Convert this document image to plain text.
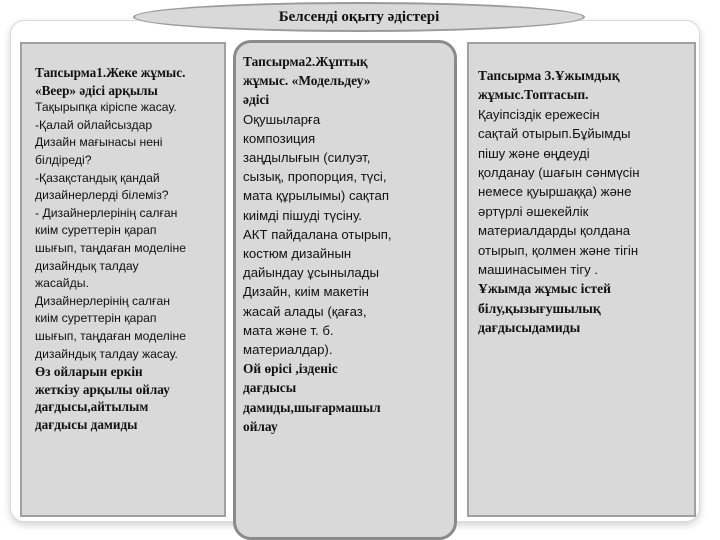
Белсенді оқыту әдістері
Тапсырма1.Жеке жұмыс.
«Веер» әдісі арқылы
Тақырыпқа кіріспе жасау.
-Қалай ойлайсыздар
Дизайн мағынасы нені
білдіреді?
-Қазақстандық қандай
дизайнерлерді білеміз?
- Дизайнерлерінің салған
киім суреттерін қарап
шығып, таңдаған моделіне
дизайндық талдау
жасайды.
Дизайнерлерінің салған
киім суреттерін қарап
шығып, таңдаған моделіне
дизайндық талдау жасау.
Өз ойларын еркін
жеткізу арқылы ойлау
дағдысы,айтылым
дағдысы дамиды
Тапсырма2.Жұптық
жұмыс. «Модельдеу»
әдісі
Оқушыларға
композиция
заңдылығын (силуэт,
сызық, пропорция, түсі,
мата құрылымы) сақтап
киімді пішуді түсіну.
АКТ пайдалана отырып,
костюм дизайнын
дайындау ұсынылады
Дизайн, киім макетін
жасай алады (қағаз,
мата және т. б.
материалдар).
Ой өрісі ,ізденіс
дағдысы
дамиды,шығармашыл
ойлау
Тапсырма 3.Ұжымдық
жұмыс.Топтасып.
Қауіпсіздік ережесін
сақтай отырып.Бұйымды
пішу және өңдеуді
қолданау (шағын сәнмүсін
немесе қуыршаққа) және
әртүрлі әшекейлік
материалдарды қолдана
отырып, қолмен және тігін
машинасымен тігу .
Ұжымда жұмыс істей
білу,қызығушылық
дағдысыдамиды
